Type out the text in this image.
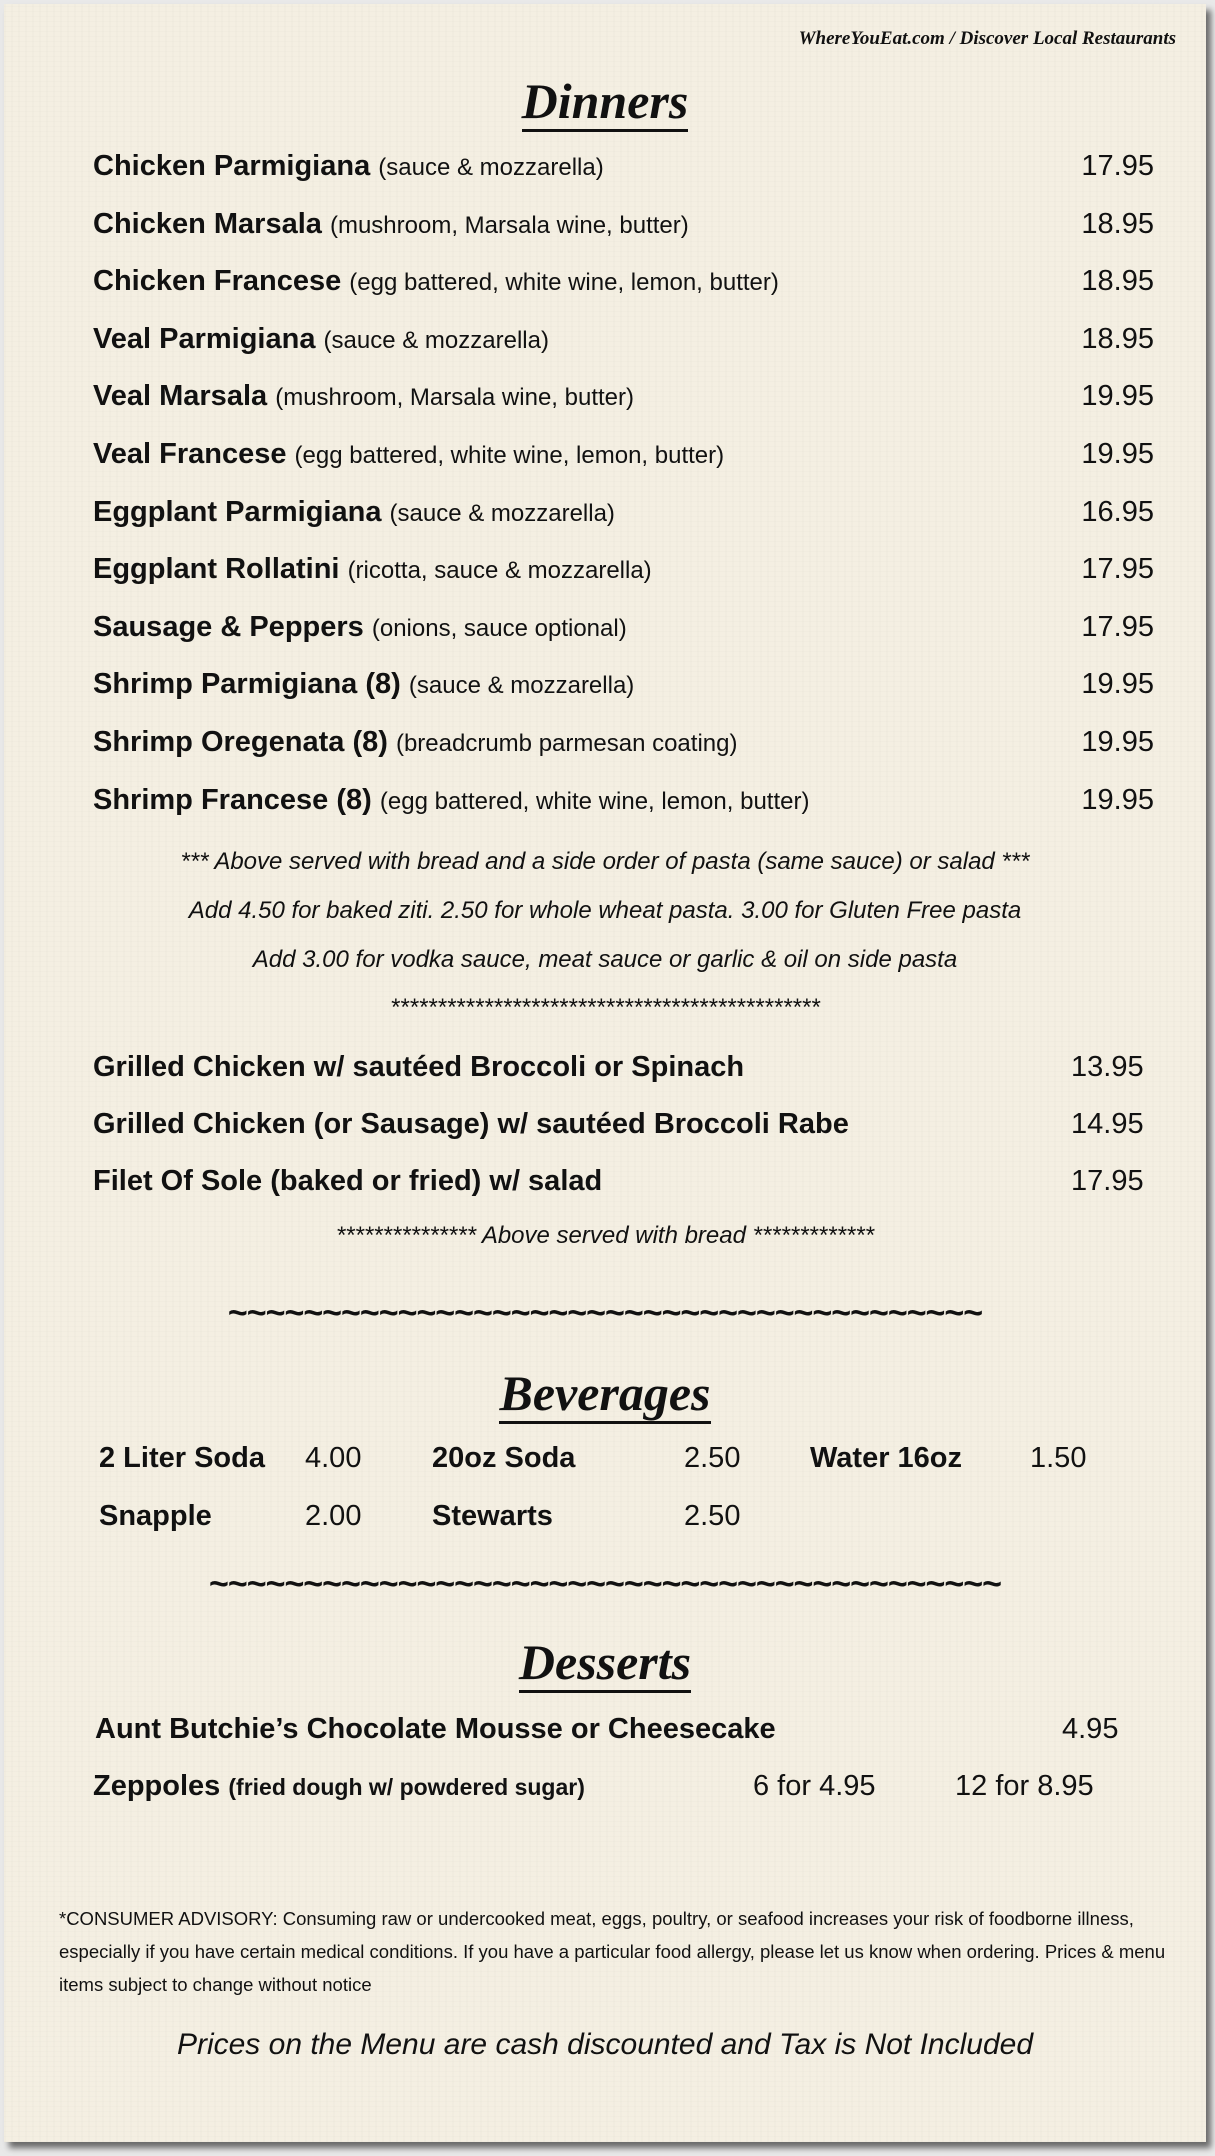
WhereYouEat.com / Discover Local Restaurants
Dinners
Chicken Parmigiana (sauce & mozzarella)	17.95
Chicken Marsala (mushroom, Marsala wine, butter)	18.95
Chicken Francese (egg battered, white wine, lemon, butter)	18.95
Veal Parmigiana (sauce & mozzarella)	18.95
Veal Marsala (mushroom, Marsala wine, butter)	19.95
Veal Francese (egg battered, white wine, lemon, butter)	19.95
Eggplant Parmigiana (sauce & mozzarella)	16.95
Eggplant Rollatini (ricotta, sauce & mozzarella)	17.95
Sausage & Peppers (onions, sauce optional)	17.95
Shrimp Parmigiana (8) (sauce & mozzarella)	19.95
Shrimp Oregenata (8) (breadcrumb parmesan coating)	19.95
Shrimp Francese (8) (egg battered, white wine, lemon, butter)	19.95
*** Above served with bread and a side order of pasta (same sauce) or salad ***
Add 4.50 for baked ziti. 2.50 for whole wheat pasta. 3.00 for Gluten Free pasta
Add 3.00 for vodka sauce, meat sauce or garlic & oil on side pasta
**********************************************
Grilled Chicken w/ sautéed Broccoli or Spinach	13.95
Grilled Chicken (or Sausage) w/ sautéed Broccoli Rabe	14.95
Filet Of Sole (baked or fried) w/ salad	17.95
*************** Above served with bread *************
~~~~~~~~~~~~~~~~~~~~~~~~~~~~~~~~~~~~~~~~
Beverages
2 Liter Soda 4.00 20oz Soda	2.50 Water 16oz 1.50
Snapple	2.00 Stewarts	2.50
~~~~~~~~~~~~~~~~~~~~~~~~~~~~~~~~~~~~~~~~~~
Desserts
Aunt Butchie’s Chocolate Mousse or Cheesecake	4.95
Zeppoles (fried dough w/ powdered sugar)	6 for 4.95	12 for 8.95
*CONSUMER ADVISORY: Consuming raw or undercooked meat, eggs, poultry, or seafood increases your risk of foodborne illness, especially if you have certain medical conditions. If you have a particular food allergy, please let us know when ordering. Prices & menu items subject to change without notice
Prices on the Menu are cash discounted and Tax is Not Included
